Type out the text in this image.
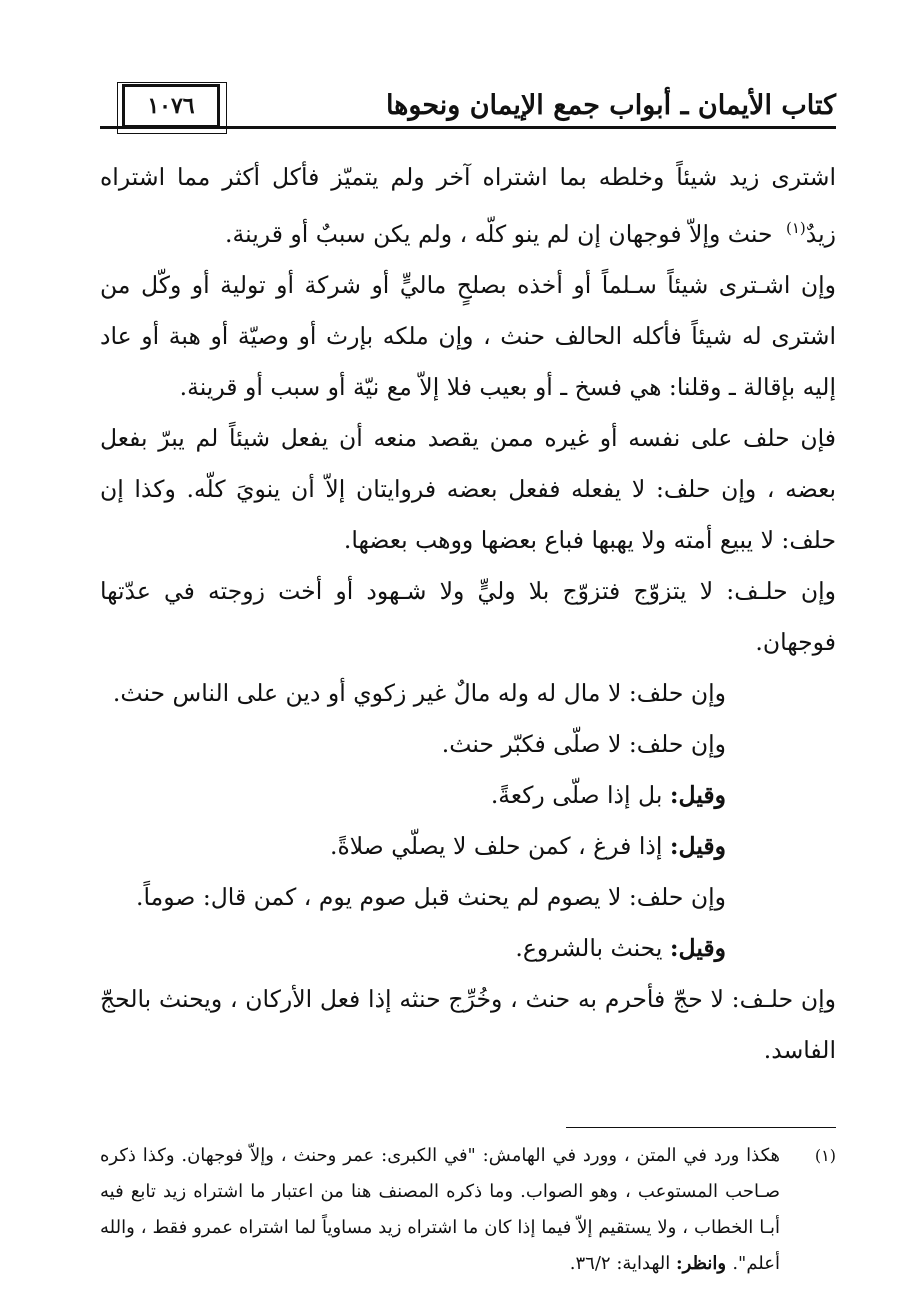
١٠٧٦	كتاب الأيمان ـ أبواب جمع الإيمان ونحوها

اشترى زيد شيئاً وخلطه بما اشتراه آخر ولم يتميّز فأكل أكثر مما اشتراه زيدٌ$^{(١)}$ حنث وإلاّ فوجهان إن لم ينو كلّه ، ولم يكن سببٌ أو قرينة.

وإن اشـترى شيئاً سـلماً أو أخذه بصلحٍ ماليٍّ أو شركة أو تولية أو وكّل من اشترى له شيئاً فأكله الحالف حنث ، وإن ملكه بإرث أو وصيّة أو هبة أو عاد إليه بإقالة ـ وقلنا: هي فسخ ـ أو بعيب فلا إلاّ مع نيّة أو سبب أو قرينة.

فإن حلف على نفسه أو غيره ممن يقصد منعه أن يفعل شيئاً لم يبرّ بفعل بعضه ، وإن حلف: لا يفعله ففعل بعضه فروايتان إلاّ أن ينويَ كلّه. وكذا إن حلف: لا يبيع أمته ولا يهبها فباع بعضها ووهب بعضها.

وإن حلـف: لا يتزوّج فتزوّج بلا وليٍّ ولا شـهود أو أخت زوجته في عدّتها فوجهان.

وإن حلف: لا مال له وله مالٌ غير زكوي أو دين على الناس حنث.

وإن حلف: لا صلّى فكبّر حنث.

وقيل: بل إذا صلّى ركعةً.

وقيل: إذا فرغ ، كمن حلف لا يصلّي صلاةً.

وإن حلف: لا يصوم لم يحنث قبل صوم يوم ، كمن قال: صوماً.

وقيل: يحنث بالشروع.

وإن حلـف: لا حجّ فأحرم به حنث ، وخُرِّج حنثه إذا فعل الأركان ، ويحنث بالحجّ الفاسد.

(١)

هكذا ورد في المتن ، وورد في الهامش: "في الكبرى: عمر وحنث ، وإلاّ فوجهان. وكذا ذكره صـاحب المستوعب ، وهو الصواب. وما ذكره المصنف هنا من اعتبار ما اشتراه زيد تابع فيه أبـا الخطاب ، ولا يستقيم إلاّ فيما إذا كان ما اشتراه زيد مساوياً لما اشتراه عمرو فقط ، والله أعلم". وانظر: الهداية: ٣٦/٢.
